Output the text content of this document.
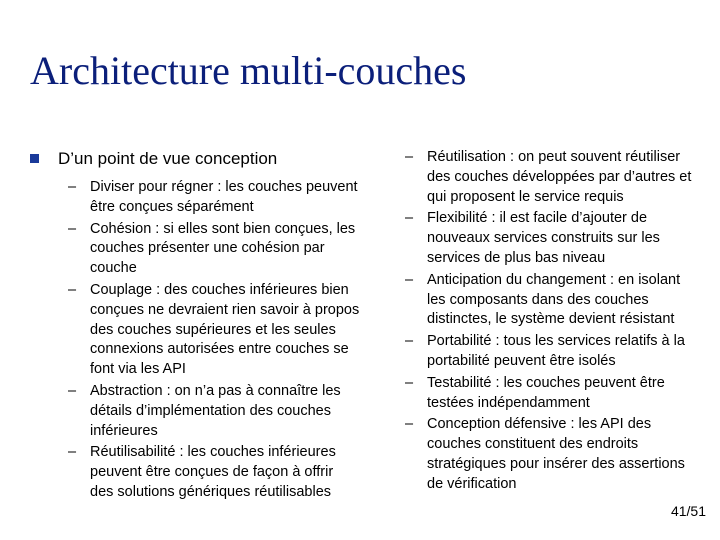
Architecture multi-couches
D’un point de vue conception
– Diviser pour régner : les couches peuvent être conçues séparément
– Cohésion : si elles sont bien conçues, les couches présenter une cohésion par couche
– Couplage : des couches inférieures bien conçues ne devraient rien savoir à propos des couches supérieures et les seules connexions autorisées entre couches se font via les API
– Abstraction : on n’a pas à connaître les détails d’implémentation des couches inférieures
– Réutilisabilité : les couches inférieures peuvent être conçues de façon à offrir des solutions génériques réutilisables
– Réutilisation : on peut souvent réutiliser des couches développées par d’autres et qui proposent le service requis
– Flexibilité : il est facile d’ajouter de nouveaux services construits sur les services de plus bas niveau
– Anticipation du changement : en isolant les composants dans des couches distinctes, le système devient résistant
– Portabilité : tous les services relatifs à la portabilité peuvent être isolés
– Testabilité : les couches peuvent être testées indépendamment
– Conception défensive : les API des couches constituent des endroits stratégiques pour insérer des assertions de vérification
41/51
